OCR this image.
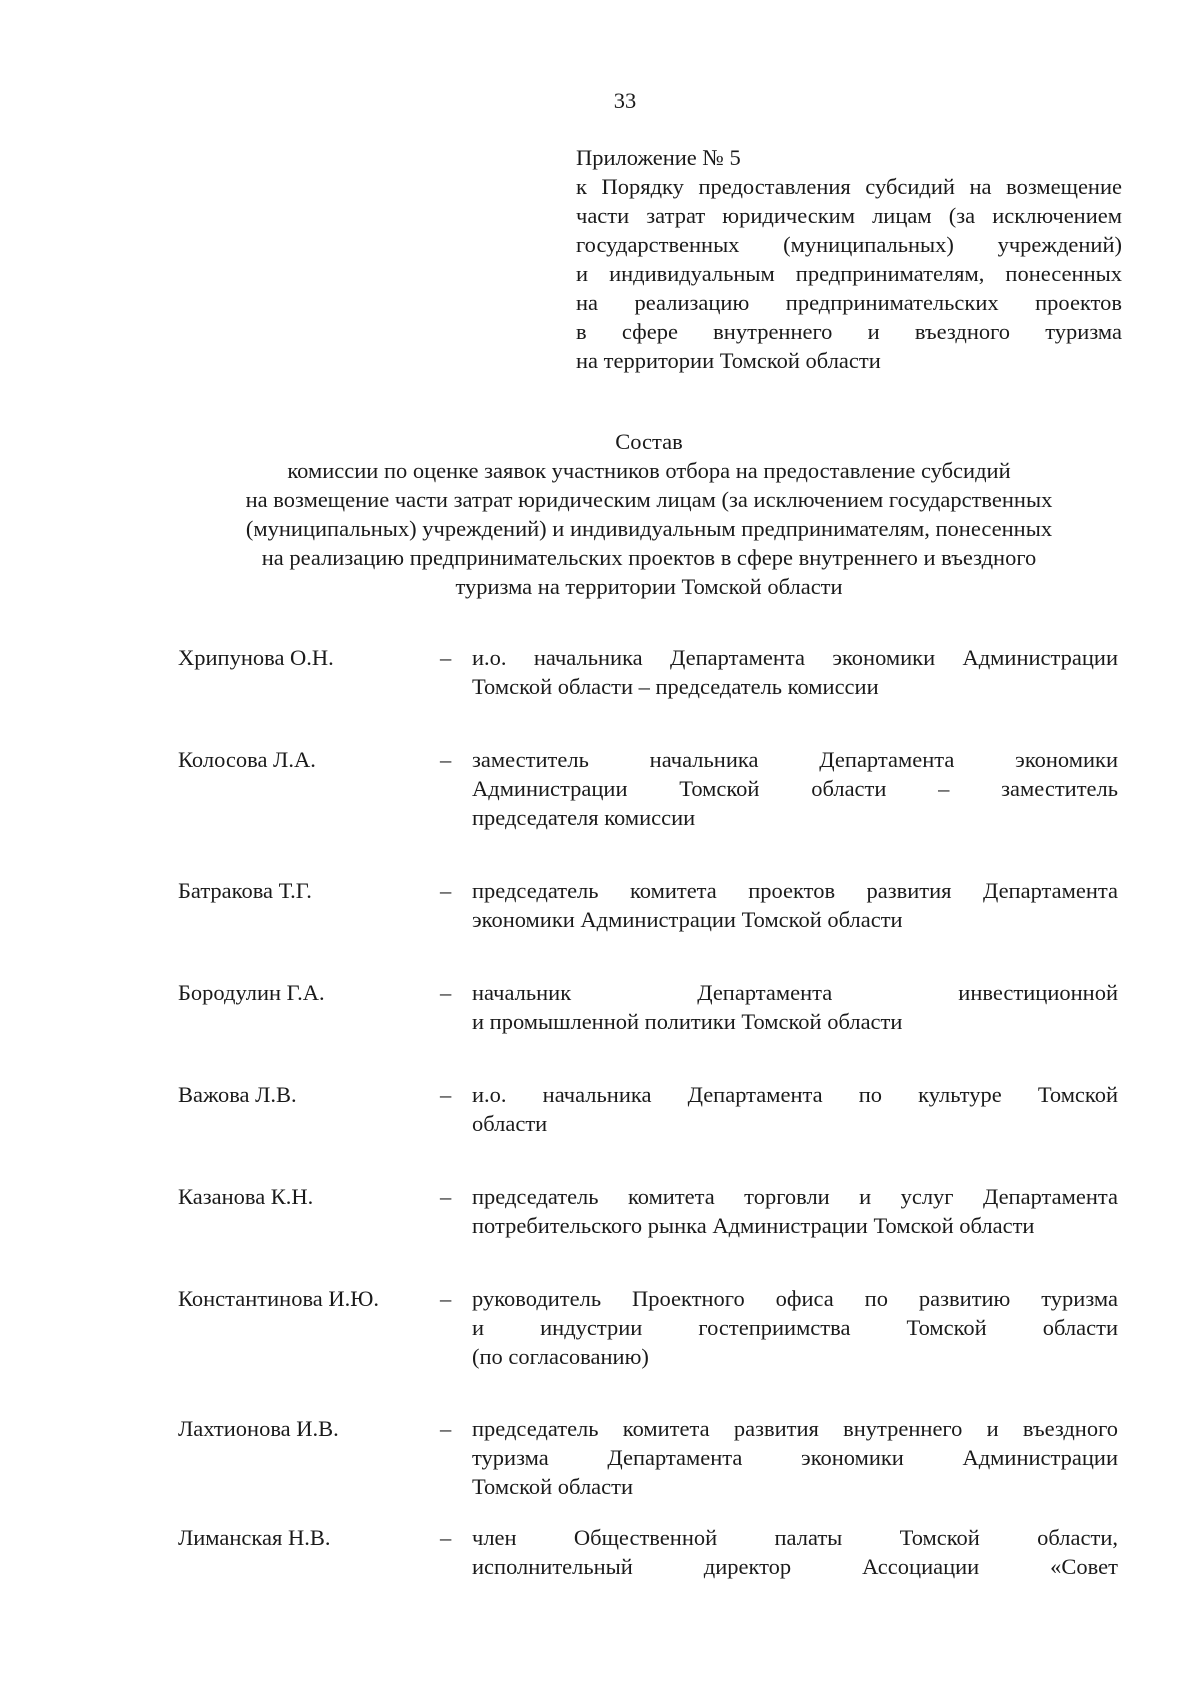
33
Приложение № 5
к Порядку предоставления субсидий на возмещение
части затрат юридическим лицам (за исключением
государственных (муниципальных) учреждений)
и индивидуальным предпринимателям, понесенных
на реализацию предпринимательских проектов
в сфере внутреннего и въездного туризма
на территории Томской области
Состав
комиссии по оценке заявок участников отбора на предоставление субсидий
на возмещение части затрат юридическим лицам (за исключением государственных
(муниципальных) учреждений) и индивидуальным предпринимателям, понесенных
на реализацию предпринимательских проектов в сфере внутреннего и въездного
туризма на территории Томской области
Хрипунова О.Н.	– и.о. начальника Департамента экономики Администрации
Томской области – председатель комиссии
Колосова Л.А.	– заместитель начальника Департамента экономики
Администрации Томской области – заместитель
председателя комиссии
Батракова Т.Г.	– председатель комитета проектов развития Департамента
экономики Администрации Томской области
Бородулин Г.А.	– начальник Департамента инвестиционной
и промышленной политики Томской области
Важова Л.В.	– и.о. начальника Департамента по культуре Томской
области
Казанова К.Н.	– председатель комитета торговли и услуг Департамента
потребительского рынка Администрации Томской области
Константинова И.Ю.	– руководитель Проектного офиса по развитию туризма
и индустрии гостеприимства Томской области
(по согласованию)
Лахтионова И.В.	– председатель комитета развития внутреннего и въездного
туризма Департамента экономики Администрации
Томской области
Лиманская Н.В.	– член Общественной палаты Томской области,
исполнительный директор Ассоциации «Совет
